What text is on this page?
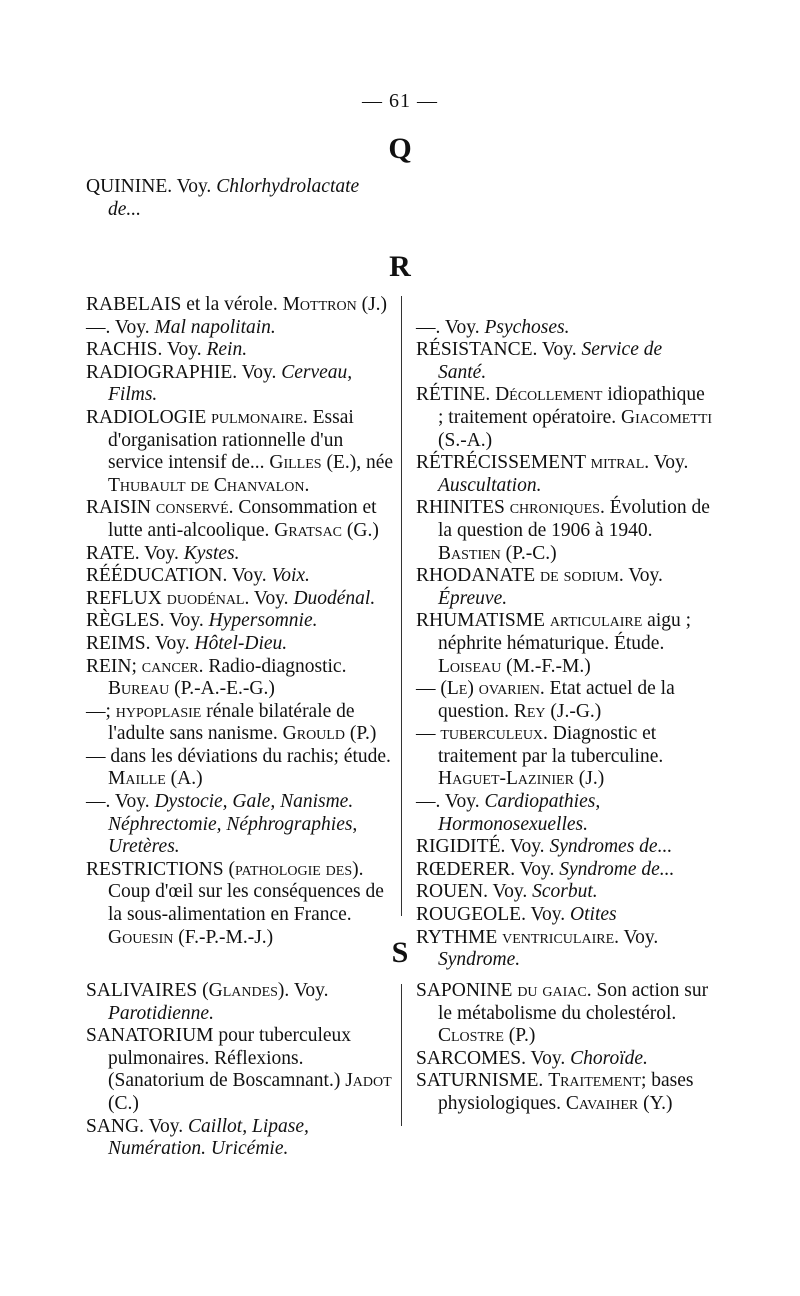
— 61 —
Q

QUININE. Voy. Chlorhydrolactate de...

R

RABELAIS et la vérole. Mottron (J.)

—. Voy. Mal napolitain.

RACHIS. Voy. Rein.

RADIOGRAPHIE. Voy. Cerveau, Films.

RADIOLOGIE pulmonaire. Essai d'organisation rationnelle d'un service intensif de... Gilles (E.), née Thubault de Chanvalon.

RAISIN conservé. Consommation et lutte anti-alcoolique. Gratsac (G.)

RATE. Voy. Kystes.

RÉÉDUCATION. Voy. Voix.

REFLUX duodénal. Voy. Duodénal.

RÈGLES. Voy. Hypersomnie.

REIMS. Voy. Hôtel-Dieu.

REIN; cancer. Radio-diagnostic. Bureau (P.-A.-E.-G.)

—; hypoplasie rénale bilatérale de l'adulte sans nanisme. Grould (P.)

— dans les déviations du rachis; étude. Maille (A.)

—. Voy. Dystocie, Gale, Nanisme. Néphrectomie, Néphrographies, Uretères.

RESTRICTIONS (pathologie des). Coup d'œil sur les conséquences de la sous-alimentation en France. Gouesin (F.-P.-M.-J.)

—. Voy. Psychoses.

RÉSISTANCE. Voy. Service de Santé.

RÉTINE. Décollement idiopathique ; traitement opératoire. Giacometti (S.-A.)

RÉTRÉCISSEMENT mitral. Voy. Auscultation.

RHINITES chroniques. Évolution de la question de 1906 à 1940. Bastien (P.-C.)

RHODANATE de sodium. Voy. Épreuve.

RHUMATISME articulaire aigu ; néphrite hématurique. Étude. Loiseau (M.-F.-M.)

— (Le) ovarien. Etat actuel de la question. Rey (J.-G.)

— tuberculeux. Diagnostic et traitement par la tuberculine. Haguet-Lazinier (J.)

—. Voy. Cardiopathies, Hormonosexuelles.

RIGIDITÉ. Voy. Syndromes de...

RŒDERER. Voy. Syndrome de...

ROUEN. Voy. Scorbut.

ROUGEOLE. Voy. Otites

RYTHME ventriculaire. Voy. Syndrome.

S

SALIVAIRES (Glandes). Voy. Parotidienne.

SANATORIUM pour tuberculeux pulmonaires. Réflexions. (Sanatorium de Boscamnant.) Jadot (C.)

SANG. Voy. Caillot, Lipase, Numération. Uricémie.

SAPONINE du gaiac. Son action sur le métabolisme du cholestérol. Clostre (P.)

SARCOMES. Voy. Choroïde.

SATURNISME. Traitement; bases physiologiques. Cavaiher (Y.)
